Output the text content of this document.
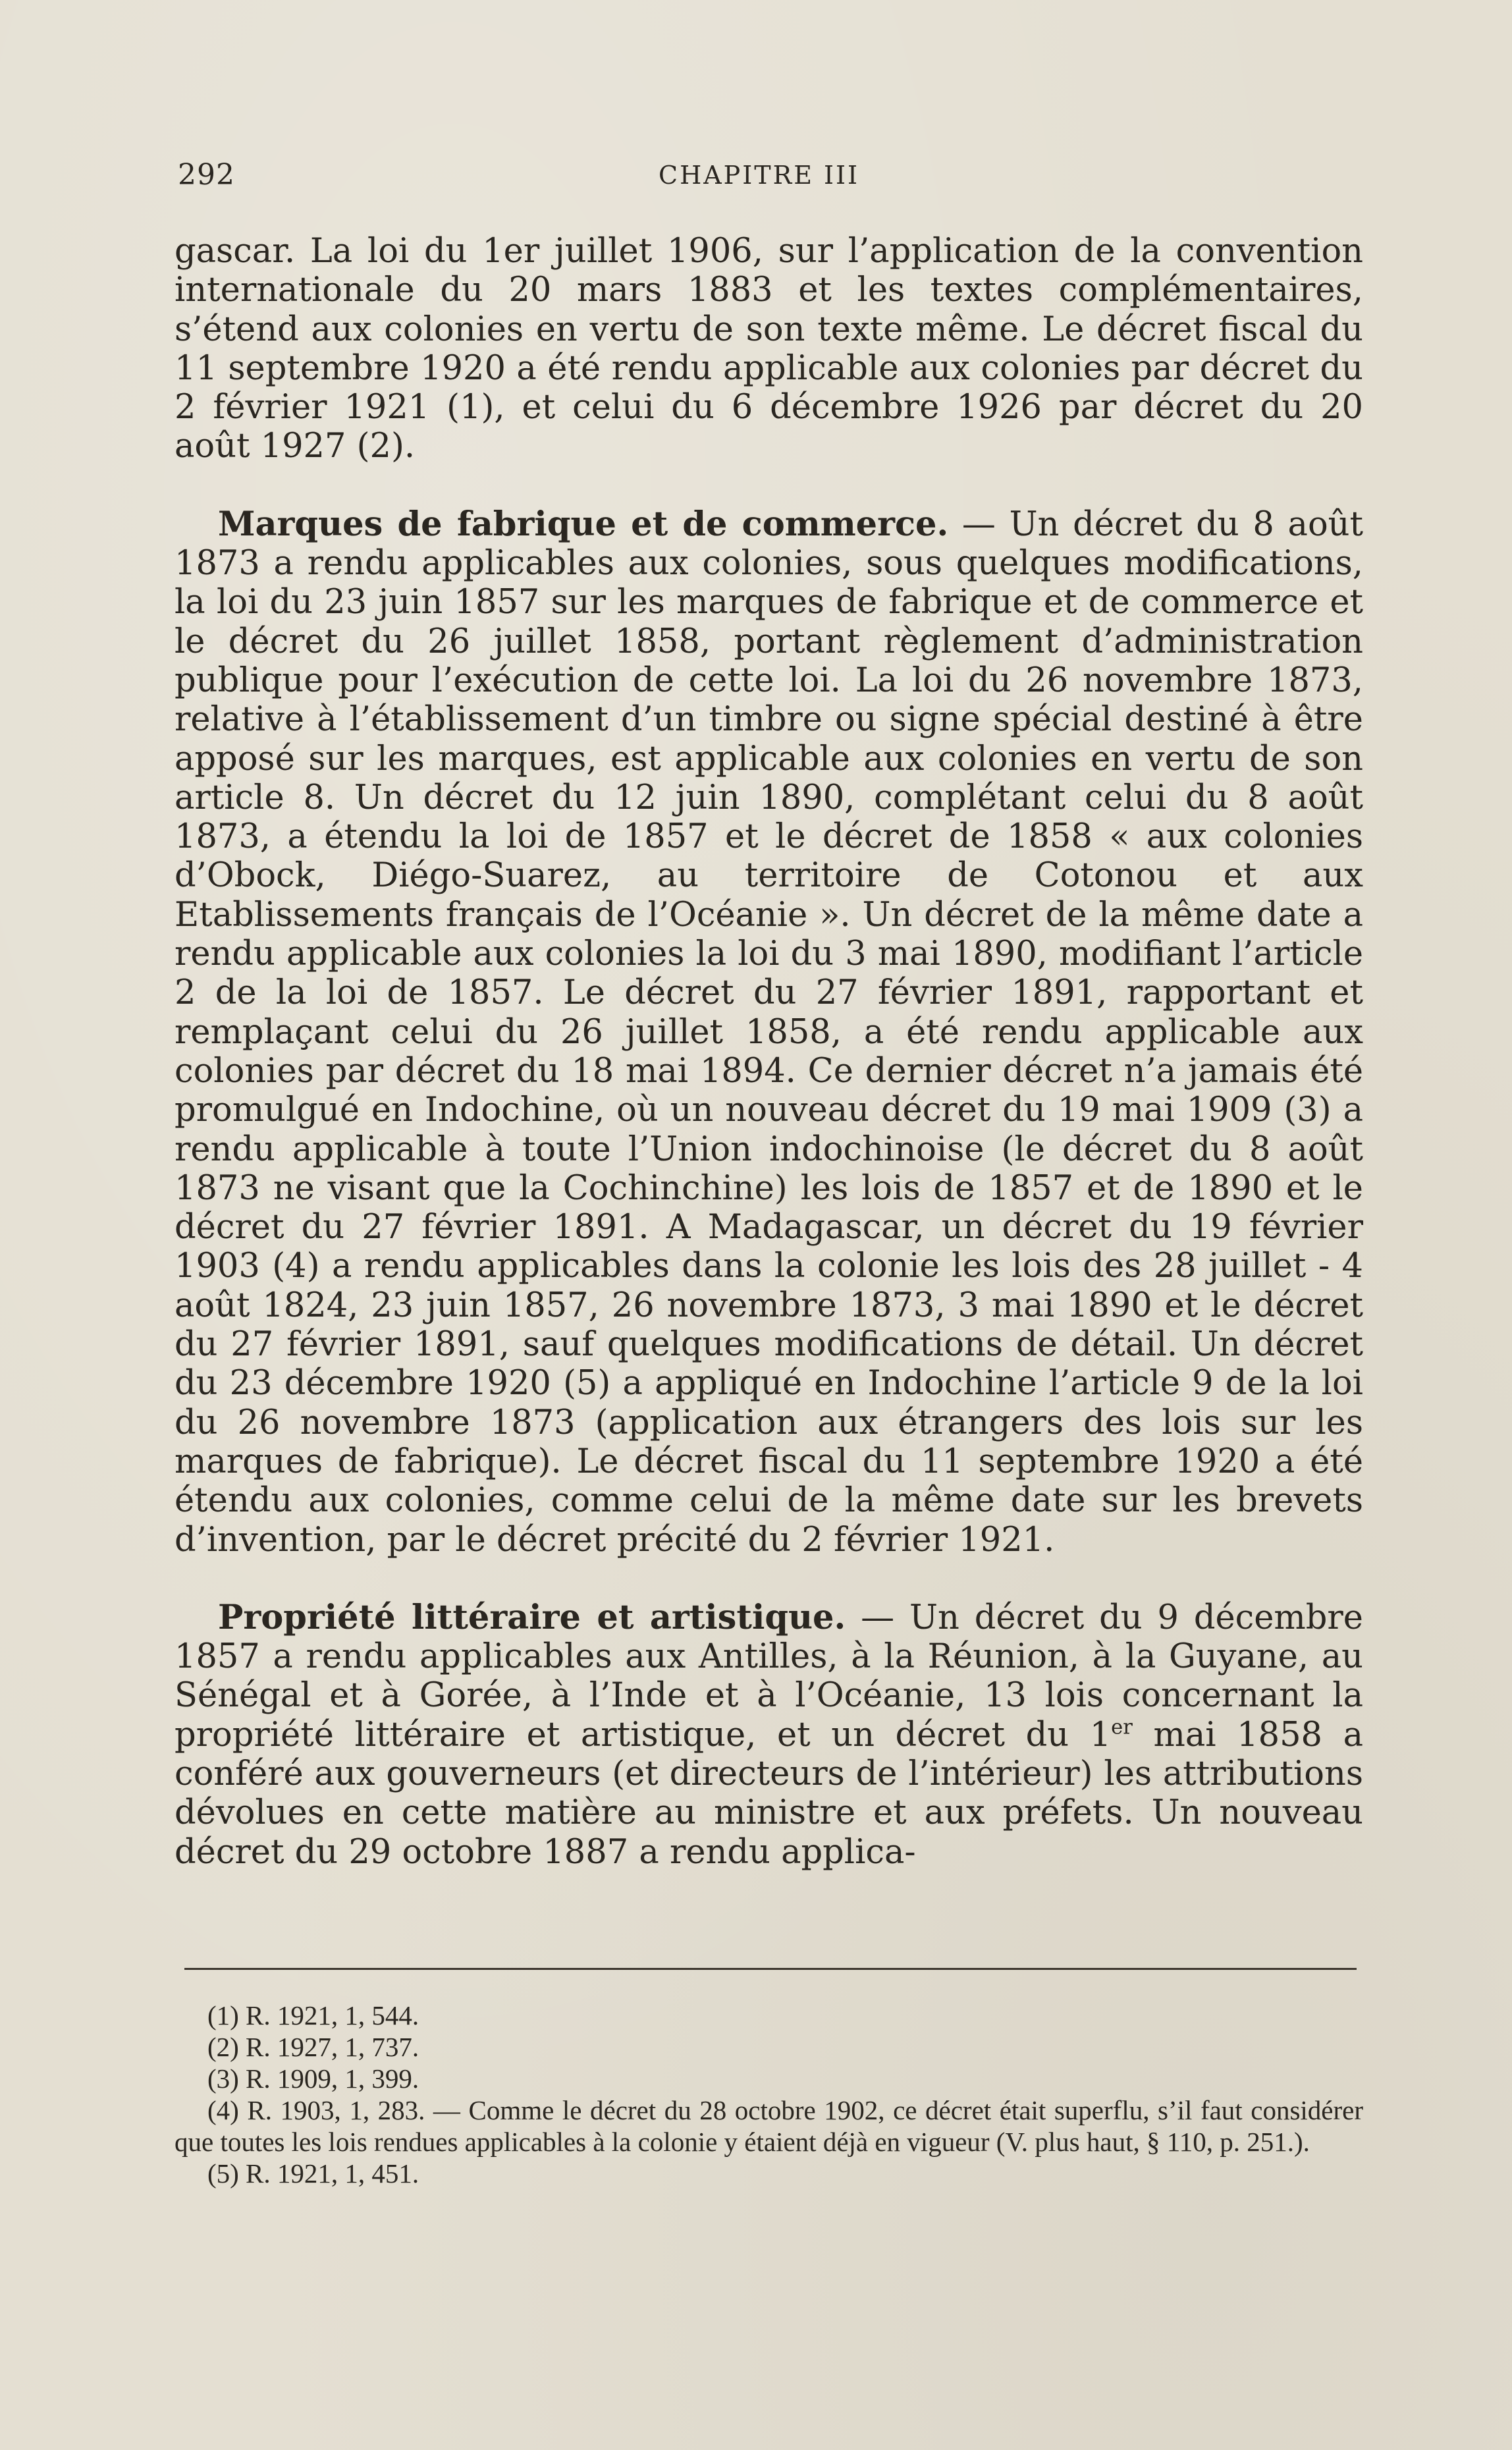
292	CHAPITRE III

gascar. La loi du 1er juillet 1906, sur l’application de la convention internationale du 20 mars 1883 et les textes complémentaires, s’étend aux colonies en vertu de son texte même. Le décret fiscal du 11 septembre 1920 a été rendu applicable aux colonies par décret du 2 février 1921 (1), et celui du 6 décembre 1926 par décret du 20 août 1927 (2).

Marques de fabrique et de commerce. — Un décret du 8 août 1873 a rendu applicables aux colonies, sous quelques modifications, la loi du 23 juin 1857 sur les marques de fabrique et de commerce et le décret du 26 juillet 1858, portant règlement d’administration publique pour l’exécution de cette loi. La loi du 26 novembre 1873, relative à l’établissement d’un timbre ou signe spécial destiné à être apposé sur les marques, est applicable aux colonies en vertu de son article 8. Un décret du 12 juin 1890, complétant celui du 8 août 1873, a étendu la loi de 1857 et le décret de 1858 « aux colonies d’Obock, Diégo-Suarez, au territoire de Cotonou et aux Etablissements français de l’Océanie ». Un décret de la même date a rendu applicable aux colonies la loi du 3 mai 1890, modifiant l’article 2 de la loi de 1857. Le décret du 27 février 1891, rapportant et remplaçant celui du 26 juillet 1858, a été rendu applicable aux colonies par décret du 18 mai 1894. Ce dernier décret n’a jamais été promulgué en Indochine, où un nouveau décret du 19 mai 1909 (3) a rendu applicable à toute l’Union indochinoise (le décret du 8 août 1873 ne visant que la Cochinchine) les lois de 1857 et de 1890 et le décret du 27 février 1891. A Madagascar, un décret du 19 février 1903 (4) a rendu applicables dans la colonie les lois des 28 juillet - 4 août 1824, 23 juin 1857, 26 novembre 1873, 3 mai 1890 et le décret du 27 février 1891, sauf quelques modifications de détail. Un décret du 23 décembre 1920 (5) a appliqué en Indochine l’article 9 de la loi du 26 novembre 1873 (application aux étrangers des lois sur les marques de fabrique). Le décret fiscal du 11 septembre 1920 a été étendu aux colonies, comme celui de la même date sur les brevets d’invention, par le décret précité du 2 février 1921.

Propriété littéraire et artistique. — Un décret du 9 décembre 1857 a rendu applicables aux Antilles, à la Réunion, à la Guyane, au Sénégal et à Gorée, à l’Inde et à l’Océanie, 13 lois concernant la propriété littéraire et artistique, et un décret du 1er mai 1858 a conféré aux gouverneurs (et directeurs de l’intérieur) les attributions dévolues en cette matière au ministre et aux préfets. Un nouveau décret du 29 octobre 1887 a rendu applica-

(1) R. 1921, 1, 544.
(2) R. 1927, 1, 737.
(3) R. 1909, 1, 399.
(4) R. 1903, 1, 283. — Comme le décret du 28 octobre 1902, ce décret était superflu, s’il faut considérer que toutes les lois rendues applicables à la colonie y étaient déjà en vigueur (V. plus haut, § 110, p. 251.).
(5) R. 1921, 1, 451.
